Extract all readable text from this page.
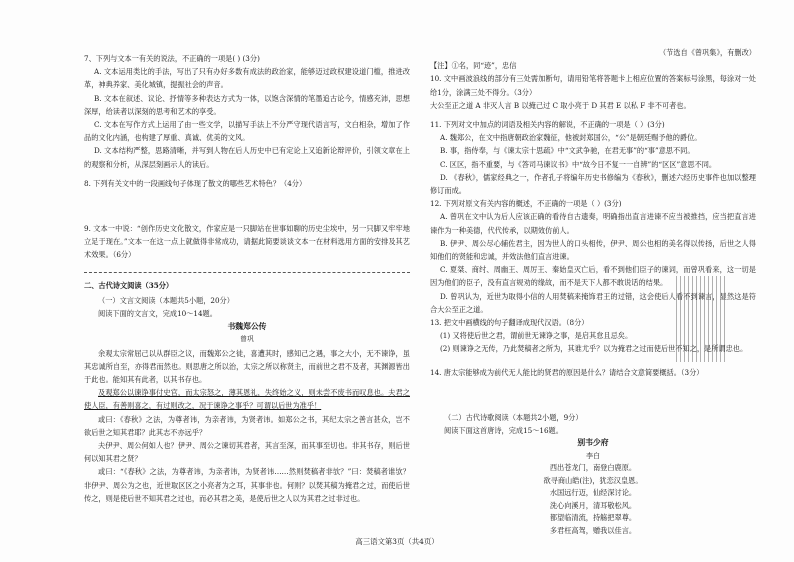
7、下列与文本一有关的说法，不正确的一项是( ) (3分)

A. 文本运用类比的手法，写出了只有办好多数有成法的政治家，能够迈过政权建设道门槛，推进改革，神典养家、美化城镇，提振社会的声音。

B. 文本在叙述、议论、抒情等多种表达方式为一体，以饱含深情的笔墨追古论今，情感充沛，思想深厚，给读者以深刻的思考和艺术的享受。

C. 文本在写作方式上运用了由一些文学，以描写手法上不分严守现代语言写，文白相杂，增加了作品的文化内涵，也构建了厚重、真诚、优美的文风。

D. 文本结构严整，思路清晰，并写到人物在后人历史中已有定论上又追新论辩评价，引领文章在上的观察和分析，从深层刻画示人的读后。

8. 下列有关文中的一段画线句子体现了散文的哪些艺术特色？（4分）

9. 文本一中说：“创作历史文化散文，作家应是一只脚站在世事如聊的历史尘埃中，另一只脚又牢牢地立足于现在。”文本一在这一点上就做得非常成功，请据此简要谈谈文本一在材料选用方面的安排及其艺术效果。（6分）

二、古代诗文阅读（35分）

（一）文言文阅读（本题共5小题，20分）

阅读下面的文言文，完成10～14题。

书魏郑公传
曾巩

余观太宗常屈己以从群臣之议，而魏郑公之徒，喜遭其时，感知己之遇，事之大小，无不谏诤，虽其忠诚所自至，亦得君而然也。则思唐之所以治，太宗之所以称贤主，而前世之君不及者，其渊源皆出于此也。能知其有此者，以其书存也。

及观郑公以谏诤事付史官，而太宗怒之，薄其恩礼，失终始之义，则未尝不废书而叹息也。夫君之使人臣，有善则喜之，有过则改之，况于谏诤之事乎？可谓以后世为准乎！

或曰：《春秋》之法，为尊者讳，为亲者讳，为贤者讳。如郑公之书，其纪太宗之善言甚众，岂不欲后世之知其君耶？此其志不亦远乎？

夫伊尹、周公何如人也？伊尹、周公之谏切其君者，其言至深，而其事至切也。非其书存，则后世何以知其君之贤？

或曰：“《春秋》之法，为尊者讳，为亲者讳，为贤者讳……然则焚稿者非欤？”曰：焚稿者谁欤？非伊尹、周公为之也，近世取区区之小亮者为之耳，其事非也。何则？以焚其稿为掩君之过，而使后世传之，则是使后世不知其君之过也，而必其君之美，是使后世之人以为其君之过非过也。

（节选自《曾巩集》，有删改）

【注】①名，同“迹”，忠信

10. 文中画波浪线的部分有三处需加断句，请用铅笔将答题卡上相应位置的答案标号涂黑，每涂对一处给1分，涂满三处不得分。（3分）

大公至正之道 A 非灭人言 B 以掩己过 C 取小亮于 D 其君 E 以私 F 非不可者也。

11. 下列对文中加点的词语及相关内容的解说，不正确的一项是（ ）(3分)

A. 魏郑公，在文中指唐朝政治家魏征，他被封郑国公，“公”是朝廷赐予他的爵位。

B. 事，指侍奉，与《谏太宗十思疏》中“文武争驰，在君无事”的“事”意思不同。

C. 区区，指不重要，与《答司马谏议书》中“故今日不复一一自辨”的“区区”意思不同。

D. 《春秋》，儒家经典之一，作者孔子将编年历史书修编为《春秋》，删述六经历史事件也加以整理修订而成。

12. 下列对原文有关内容的概述，不正确的一项是（ ）(3分)

A. 曾巩在文中认为后人应该正确的看待自古遗奏，明确指出直言进谏不应当被推挡，应当把直言进谏作为一种美德，代代传承，以期效仿前人。

B. 伊尹、周公尽心辅佐君主，因为世人的口头相传，伊尹、周公也相的美名得以传扬，后世之人得知他们的贤能和忠诚，并效法他们直言进谏。

C. 夏桀、商纣、周幽王、周厉王、秦始皇灭亡后，看不到他们臣子的谏词，而曾巩看来，这一切是因为他们的臣子，没有直言规劝的缘故，而不是天下人都不敢说话的结果。

D. 曾巩认为，近世为取得小信的人用焚稿来掩饰君王的过错，这会使后人看不到谏言，显然这是符合大公至正之道。

13. 把文中画横线的句子翻译成现代汉语。（8分）

(1) 又将使后世之君，谓前世无谏诤之事，是启其怠且忌矣。

(2) 则谏诤之无传，乃此焚稿者之所为，其谁尤乎？以为掩君之过而使后世不知之，是所谓忠也。

14. 唐太宗能够成为前代无人能比的贤君的原因是什么？请结合文意简要概括。（3分）

（二）古代诗歌阅读（本题共2小题，9分）

阅读下面这首唐诗，完成15～16题。

别韦少府
李白
西出苍龙门，南登白鹿原。
欲寻商山皓(注)，犹恋汉皇恩。
水国远行迈，仙经深讨论。
洗心向溪月，清耳敬松风。
都望临清流，持觞把翠尊。
多君枉高驾，赠我以佳言。
高三语文第3页（共4页）
